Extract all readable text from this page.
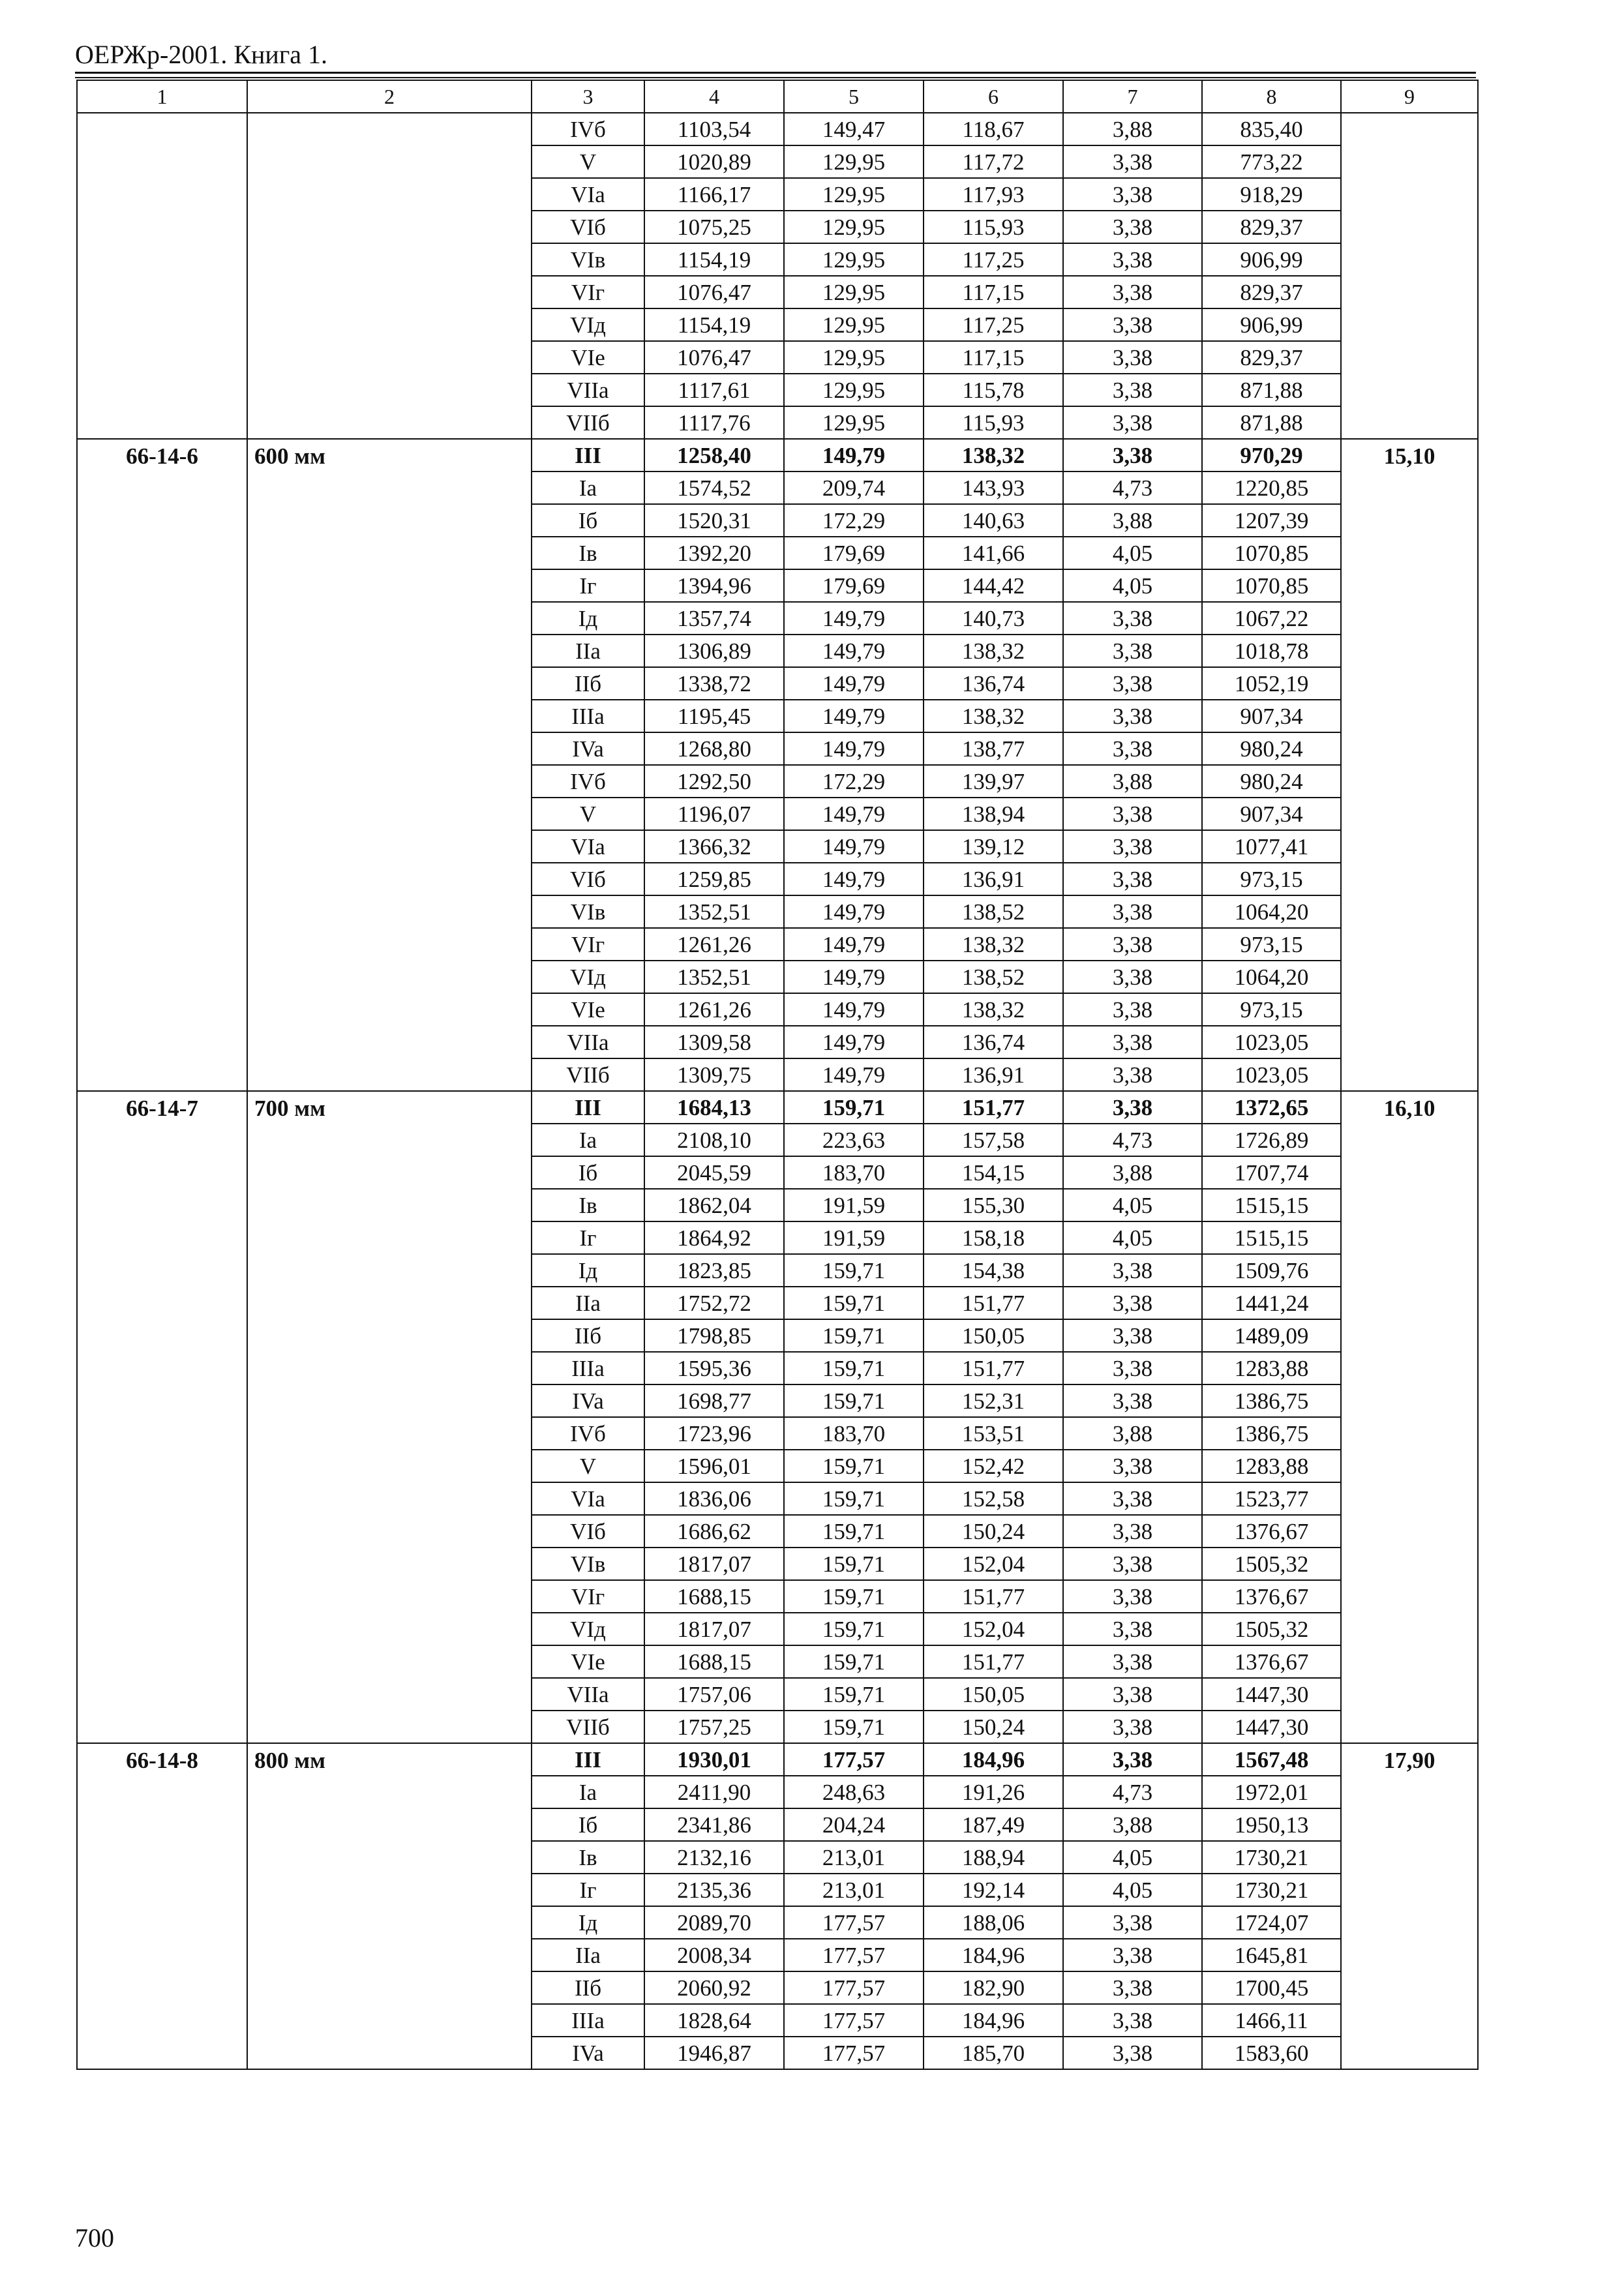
ОЕРЖр-2001. Книга 1.
1	2	3	4	5	6	7	8	9
		IVб	1103,54	149,47	118,67	3,88	835,40	
		V	1020,89	129,95	117,72	3,38	773,22	
		VIa	1166,17	129,95	117,93	3,38	918,29	
		VIб	1075,25	129,95	115,93	3,38	829,37	
		VIв	1154,19	129,95	117,25	3,38	906,99	
		VIг	1076,47	129,95	117,15	3,38	829,37	
		VIд	1154,19	129,95	117,25	3,38	906,99	
		VIe	1076,47	129,95	117,15	3,38	829,37	
		VIIa	1117,61	129,95	115,78	3,38	871,88	
		VIIб	1117,76	129,95	115,93	3,38	871,88	
66-14-6	600 мм	III	1258,40	149,79	138,32	3,38	970,29	15,10
		Ia	1574,52	209,74	143,93	4,73	1220,85	
		Iб	1520,31	172,29	140,63	3,88	1207,39	
		Iв	1392,20	179,69	141,66	4,05	1070,85	
		Iг	1394,96	179,69	144,42	4,05	1070,85	
		Iд	1357,74	149,79	140,73	3,38	1067,22	
		IIa	1306,89	149,79	138,32	3,38	1018,78	
		IIб	1338,72	149,79	136,74	3,38	1052,19	
		IIIa	1195,45	149,79	138,32	3,38	907,34	
		IVa	1268,80	149,79	138,77	3,38	980,24	
		IVб	1292,50	172,29	139,97	3,88	980,24	
		V	1196,07	149,79	138,94	3,38	907,34	
		VIa	1366,32	149,79	139,12	3,38	1077,41	
		VIб	1259,85	149,79	136,91	3,38	973,15	
		VIв	1352,51	149,79	138,52	3,38	1064,20	
		VIг	1261,26	149,79	138,32	3,38	973,15	
		VIд	1352,51	149,79	138,52	3,38	1064,20	
		VIe	1261,26	149,79	138,32	3,38	973,15	
		VIIa	1309,58	149,79	136,74	3,38	1023,05	
		VIIб	1309,75	149,79	136,91	3,38	1023,05	
66-14-7	700 мм	III	1684,13	159,71	151,77	3,38	1372,65	16,10
		Ia	2108,10	223,63	157,58	4,73	1726,89	
		Iб	2045,59	183,70	154,15	3,88	1707,74	
		Iв	1862,04	191,59	155,30	4,05	1515,15	
		Iг	1864,92	191,59	158,18	4,05	1515,15	
		Iд	1823,85	159,71	154,38	3,38	1509,76	
		IIa	1752,72	159,71	151,77	3,38	1441,24	
		IIб	1798,85	159,71	150,05	3,38	1489,09	
		IIIa	1595,36	159,71	151,77	3,38	1283,88	
		IVa	1698,77	159,71	152,31	3,38	1386,75	
		IVб	1723,96	183,70	153,51	3,88	1386,75	
		V	1596,01	159,71	152,42	3,38	1283,88	
		VIa	1836,06	159,71	152,58	3,38	1523,77	
		VIб	1686,62	159,71	150,24	3,38	1376,67	
		VIв	1817,07	159,71	152,04	3,38	1505,32	
		VIг	1688,15	159,71	151,77	3,38	1376,67	
		VIд	1817,07	159,71	152,04	3,38	1505,32	
		VIe	1688,15	159,71	151,77	3,38	1376,67	
		VIIa	1757,06	159,71	150,05	3,38	1447,30	
		VIIб	1757,25	159,71	150,24	3,38	1447,30	
66-14-8	800 мм	III	1930,01	177,57	184,96	3,38	1567,48	17,90
		Ia	2411,90	248,63	191,26	4,73	1972,01	
		Iб	2341,86	204,24	187,49	3,88	1950,13	
		Iв	2132,16	213,01	188,94	4,05	1730,21	
		Iг	2135,36	213,01	192,14	4,05	1730,21	
		Iд	2089,70	177,57	188,06	3,38	1724,07	
		IIa	2008,34	177,57	184,96	3,38	1645,81	
		IIб	2060,92	177,57	182,90	3,38	1700,45	
		IIIa	1828,64	177,57	184,96	3,38	1466,11	
		IVa	1946,87	177,57	185,70	3,38	1583,60	
700
